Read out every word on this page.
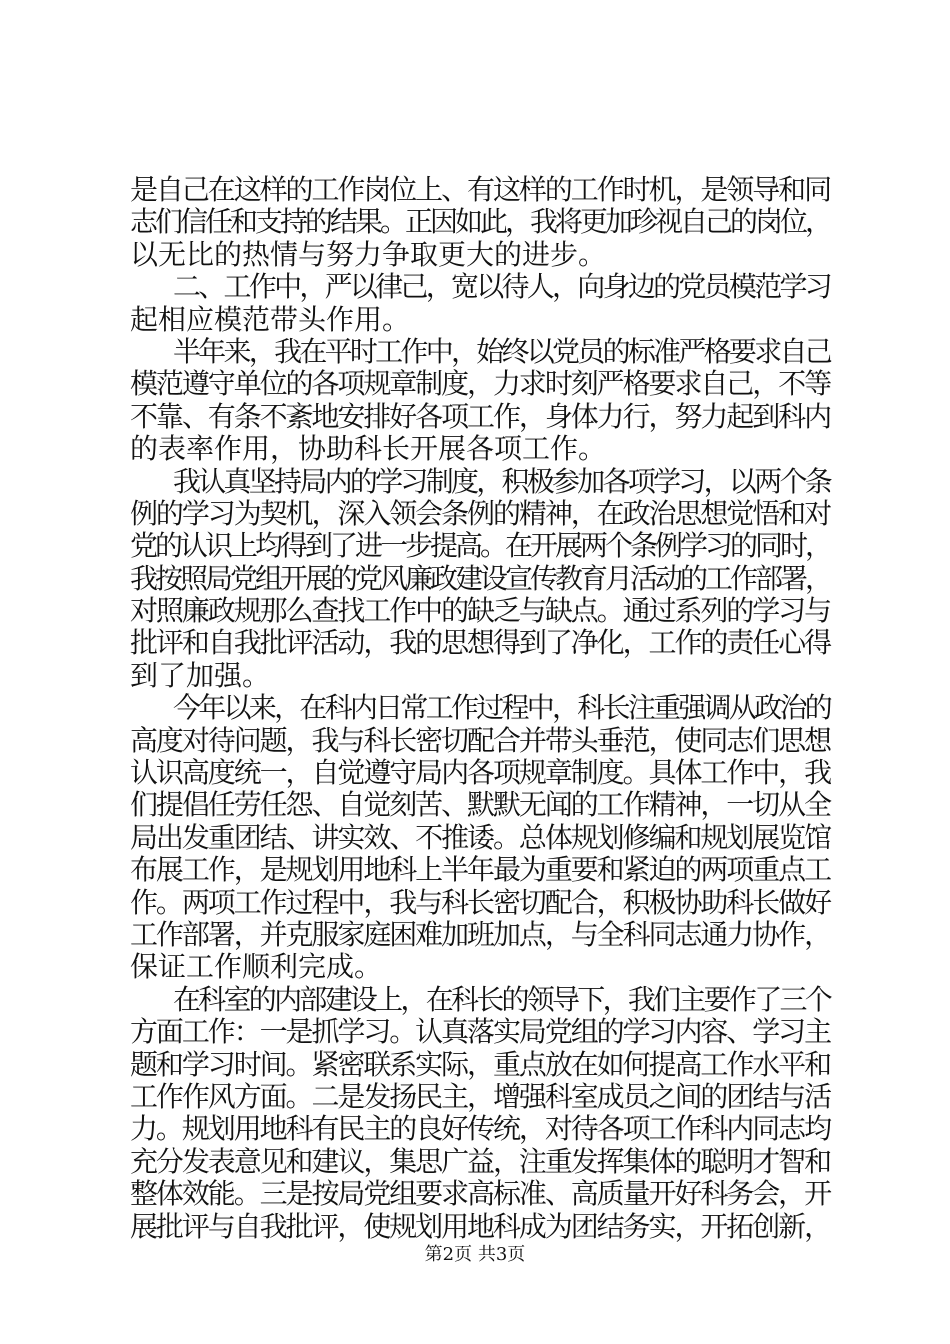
是自己在这样的工作岗位上、有这样的工作时机，是领导和同
志们信任和支持的结果。正因如此，我将更加珍视自己的岗位，
以无比的热情与努力争取更大的进步。
二、工作中，严以律己，宽以待人，向身边的党员模范学习
起相应模范带头作用。
半年来，我在平时工作中，始终以党员的标准严格要求自己
模范遵守单位的各项规章制度，力求时刻严格要求自己，不等
不靠、有条不紊地安排好各项工作，身体力行，努力起到科内
的表率作用，协助科长开展各项工作。
我认真坚持局内的学习制度，积极参加各项学习，以两个条
例的学习为契机，深入领会条例的精神，在政治思想觉悟和对
党的认识上均得到了进一步提高。在开展两个条例学习的同时，
我按照局党组开展的党风廉政建设宣传教育月活动的工作部署，
对照廉政规那么查找工作中的缺乏与缺点。通过系列的学习与
批评和自我批评活动，我的思想得到了净化，工作的责任心得
到了加强。
今年以来，在科内日常工作过程中，科长注重强调从政治的
高度对待问题，我与科长密切配合并带头垂范，使同志们思想
认识高度统一，自觉遵守局内各项规章制度。具体工作中，我
们提倡任劳任怨、自觉刻苦、默默无闻的工作精神，一切从全
局出发重团结、讲实效、不推诿。总体规划修编和规划展览馆
布展工作，是规划用地科上半年最为重要和紧迫的两项重点工
作。两项工作过程中，我与科长密切配合，积极协助科长做好
工作部署，并克服家庭困难加班加点，与全科同志通力协作，
保证工作顺利完成。
在科室的内部建设上，在科长的领导下，我们主要作了三个
方面工作：一是抓学习。认真落实局党组的学习内容、学习主
题和学习时间。紧密联系实际，重点放在如何提高工作水平和
工作作风方面。二是发扬民主，增强科室成员之间的团结与活
力。规划用地科有民主的良好传统，对待各项工作科内同志均
充分发表意见和建议，集思广益，注重发挥集体的聪明才智和
整体效能。三是按局党组要求高标准、高质量开好科务会，开
展批评与自我批评，使规划用地科成为团结务实，开拓创新，
第2页 共3页
